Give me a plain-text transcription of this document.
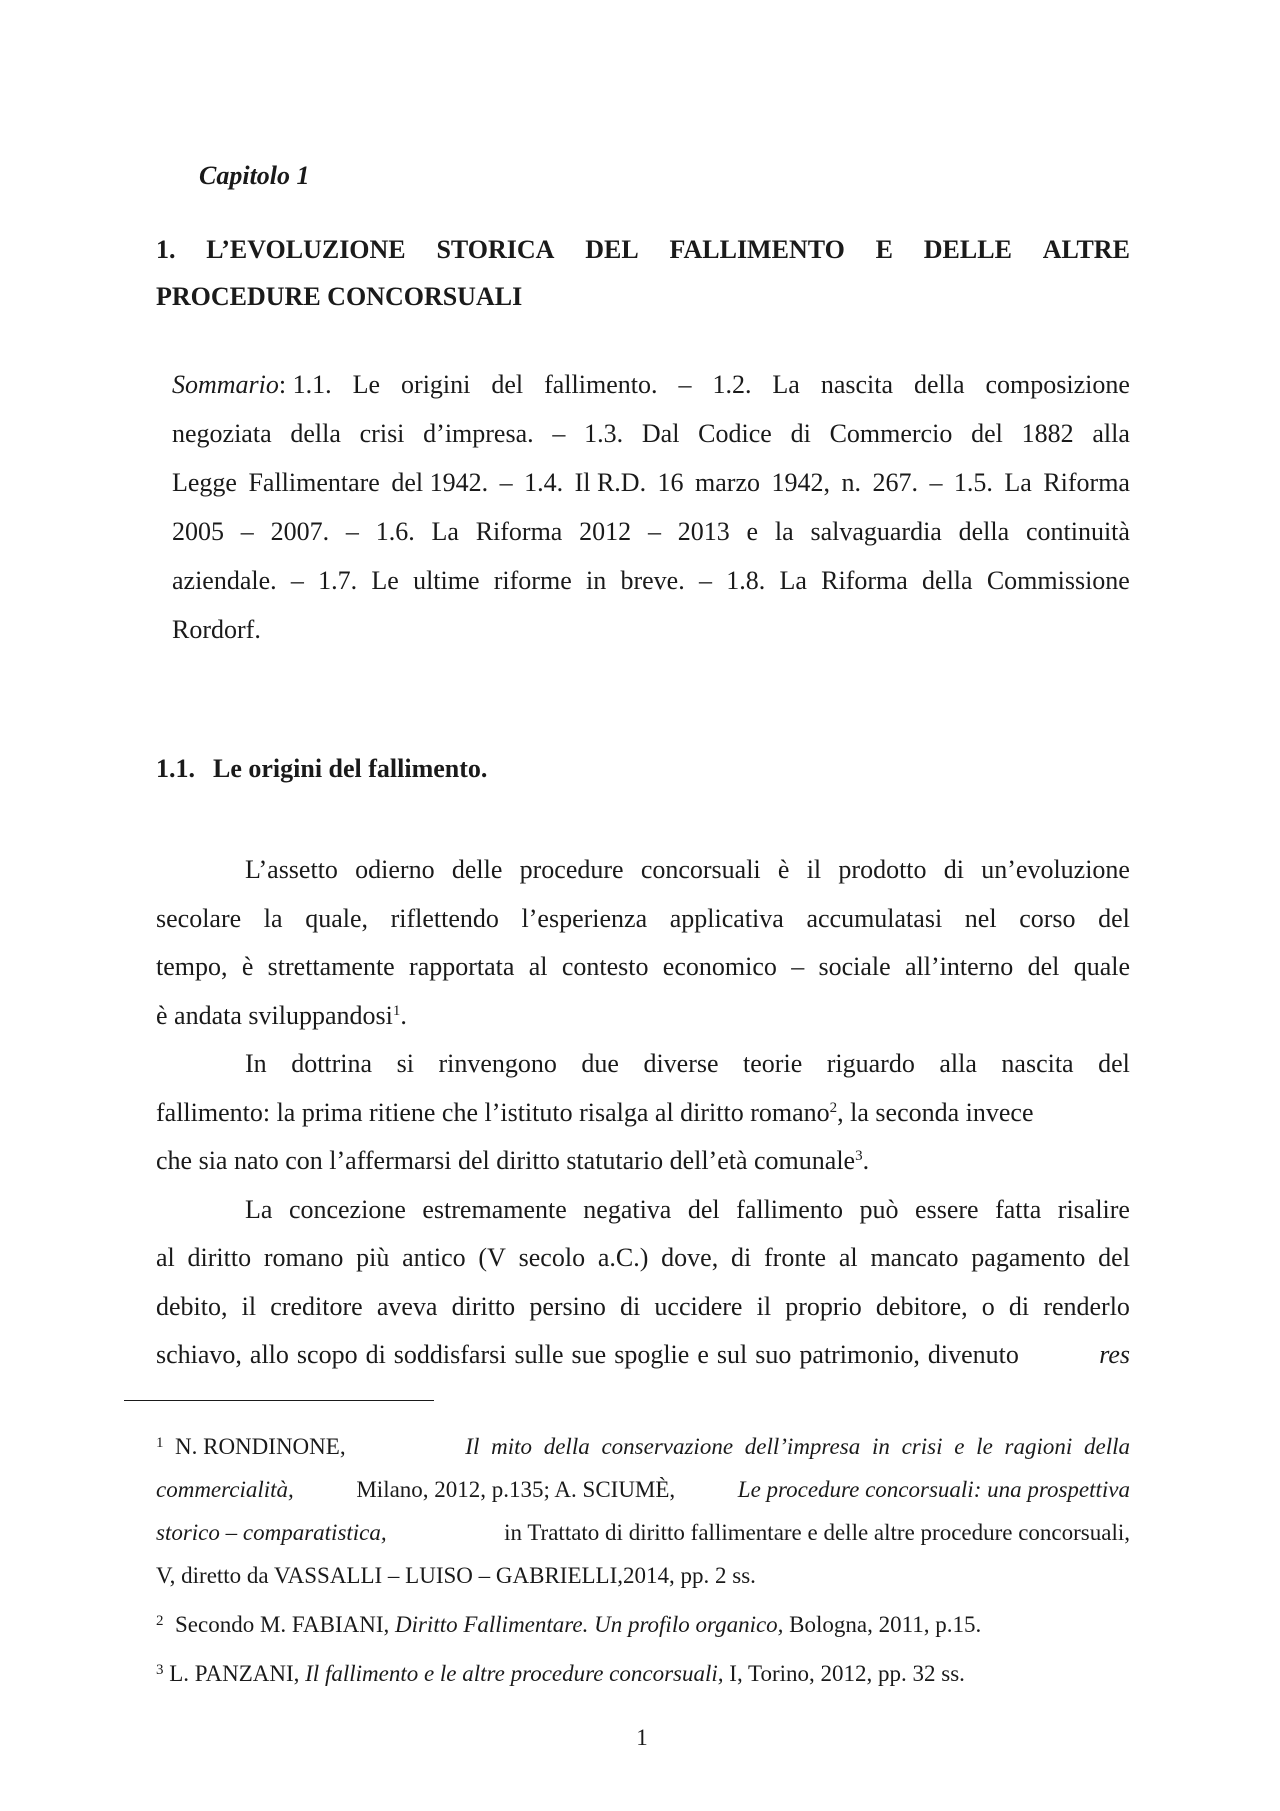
Capitolo 1
1. L’EVOLUZIONE STORICA DEL FALLIMENTO E DELLE ALTRE
PROCEDURE CONCORSUALI
Sommario: 1.1. Le origini del fallimento. – 1.2. La nascita della composizione
negoziata della crisi d’impresa. – 1.3. Dal Codice di Commercio del 1882 alla
Legge Fallimentare del 1942. – 1.4. Il R.D. 16 marzo 1942, n. 267. – 1.5. La Riforma
2005 – 2007. – 1.6. La Riforma 2012 – 2013 e la salvaguardia della continuità
aziendale. – 1.7. Le ultime riforme in breve. – 1.8. La Riforma della Commissione
Rordorf.
1.1. Le origini del fallimento.
L’assetto odierno delle procedure concorsuali è il prodotto di un’evoluzione
secolare la quale, riflettendo l’esperienza applicativa accumulatasi nel corso del
tempo, è strettamente rapportata al contesto economico – sociale all’interno del quale
è andata sviluppandosi$^1$.
In dottrina si rinvengono due diverse teorie riguardo alla nascita del
fallimento: la prima ritiene che l’istituto risalga al diritto romano$^2$, la seconda invece
che sia nato con l’affermarsi del diritto statutario dell’età comunale$^3$.
La concezione estremamente negativa del fallimento può essere fatta risalire
al diritto romano più antico (V secolo a.C.) dove, di fronte al mancato pagamento del
debito, il creditore aveva diritto persino di uccidere il proprio debitore, o di renderlo
schiavo, allo scopo di soddisfarsi sulle sue spoglie e sul suo patrimonio, divenuto	res
$^1$ N. RONDINONE,	Il mito della conservazione dell’impresa in crisi e le ragioni della
commercialità,	Milano, 2012, p.135; A. SCIUMÈ,	Le procedure concorsuali: una prospettiva
storico – comparatistica,	in Trattato di diritto fallimentare e delle altre procedure concorsuali,
V, diretto da VASSALLI – LUISO – GABRIELLI,2014, pp. 2 ss.
$^2$ Secondo M. FABIANI, Diritto Fallimentare. Un profilo organico, Bologna, 2011, p.15.
$^3$ L. PANZANI, Il fallimento e le altre procedure concorsuali, I, Torino, 2012, pp. 32 ss.
1
